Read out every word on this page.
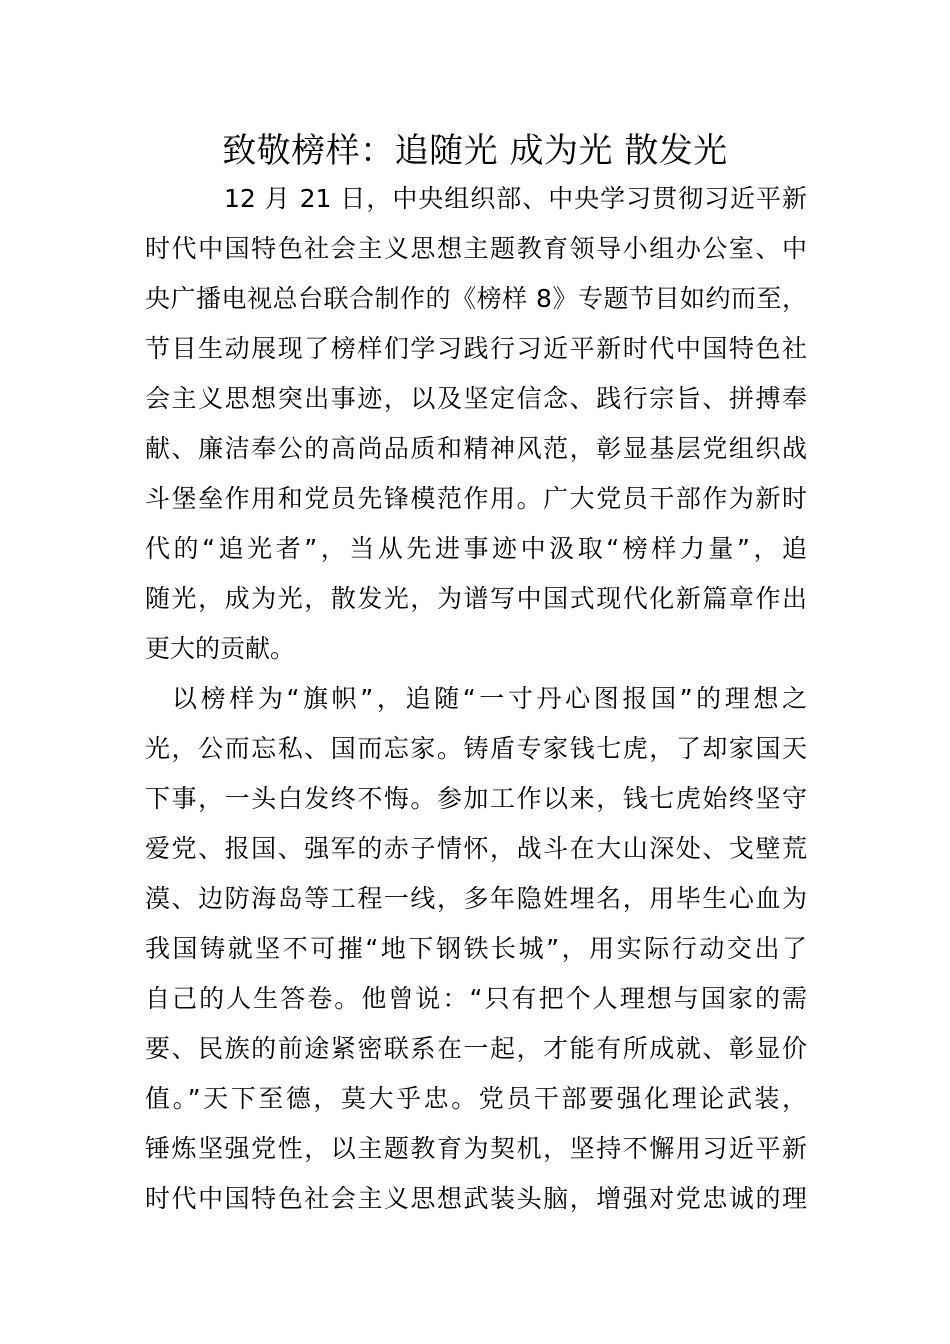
致敬榜样：追随光 成为光 散发光
12 月 21 日，中央组织部、中央学习贯彻习近平新
时代中国特色社会主义思想主题教育领导小组办公室、中
央广播电视总台联合制作的《榜样 8》专题节目如约而至，
节目生动展现了榜样们学习践行习近平新时代中国特色社
会主义思想突出事迹，以及坚定信念、践行宗旨、拼搏奉
献、廉洁奉公的高尚品质和精神风范，彰显基层党组织战
斗堡垒作用和党员先锋模范作用。广大党员干部作为新时
代的“追光者”，当从先进事迹中汲取“榜样力量”，追
随光，成为光，散发光，为谱写中国式现代化新篇章作出
更大的贡献。
以榜样为“旗帜”，追随“一寸丹心图报国”的理想之
光，公而忘私、国而忘家。铸盾专家钱七虎，了却家国天
下事，一头白发终不悔。参加工作以来，钱七虎始终坚守
爱党、报国、强军的赤子情怀，战斗在大山深处、戈壁荒
漠、边防海岛等工程一线，多年隐姓埋名，用毕生心血为
我国铸就坚不可摧“地下钢铁长城”，用实际行动交出了
自己的人生答卷。他曾说：“只有把个人理想与国家的需
要、民族的前途紧密联系在一起，才能有所成就、彰显价
值。”天下至德，莫大乎忠。党员干部要强化理论武装，
锤炼坚强党性，以主题教育为契机，坚持不懈用习近平新
时代中国特色社会主义思想武装头脑，增强对党忠诚的理
